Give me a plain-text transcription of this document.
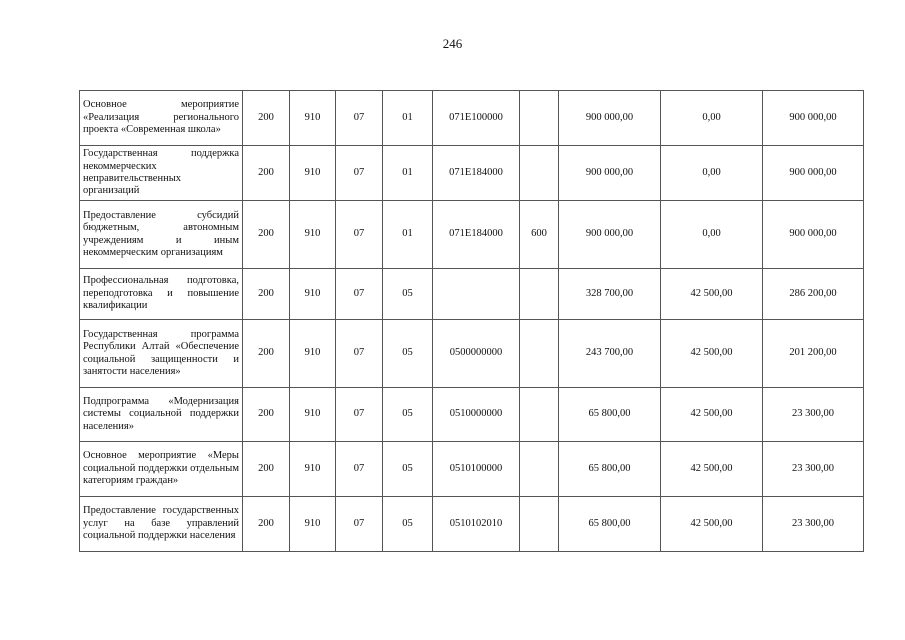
246
Основное мероприятие «Реализация регионального проекта «Современная школа»	200	910	07	01	071E100000		900 000,00	0,00	900 000,00
Государственная поддержка некоммерческих неправительственных организаций	200	910	07	01	071E184000		900 000,00	0,00	900 000,00
Предоставление субсидий бюджетным, автономным учреждениям и иным некоммерческим организациям	200	910	07	01	071E184000	600	900 000,00	0,00	900 000,00
Профессиональная подготовка, переподготовка и повышение квалификации	200	910	07	05			328 700,00	42 500,00	286 200,00
Государственная программа Республики Алтай «Обеспечение социальной защищенности и занятости населения»	200	910	07	05	0500000000		243 700,00	42 500,00	201 200,00
Подпрограмма «Модернизация системы социальной поддержки населения»	200	910	07	05	0510000000		65 800,00	42 500,00	23 300,00
Основное мероприятие «Меры социальной поддержки отдельным категориям граждан»	200	910	07	05	0510100000		65 800,00	42 500,00	23 300,00
Предоставление государственных услуг на базе управлений социальной поддержки населения	200	910	07	05	0510102010		65 800,00	42 500,00	23 300,00
